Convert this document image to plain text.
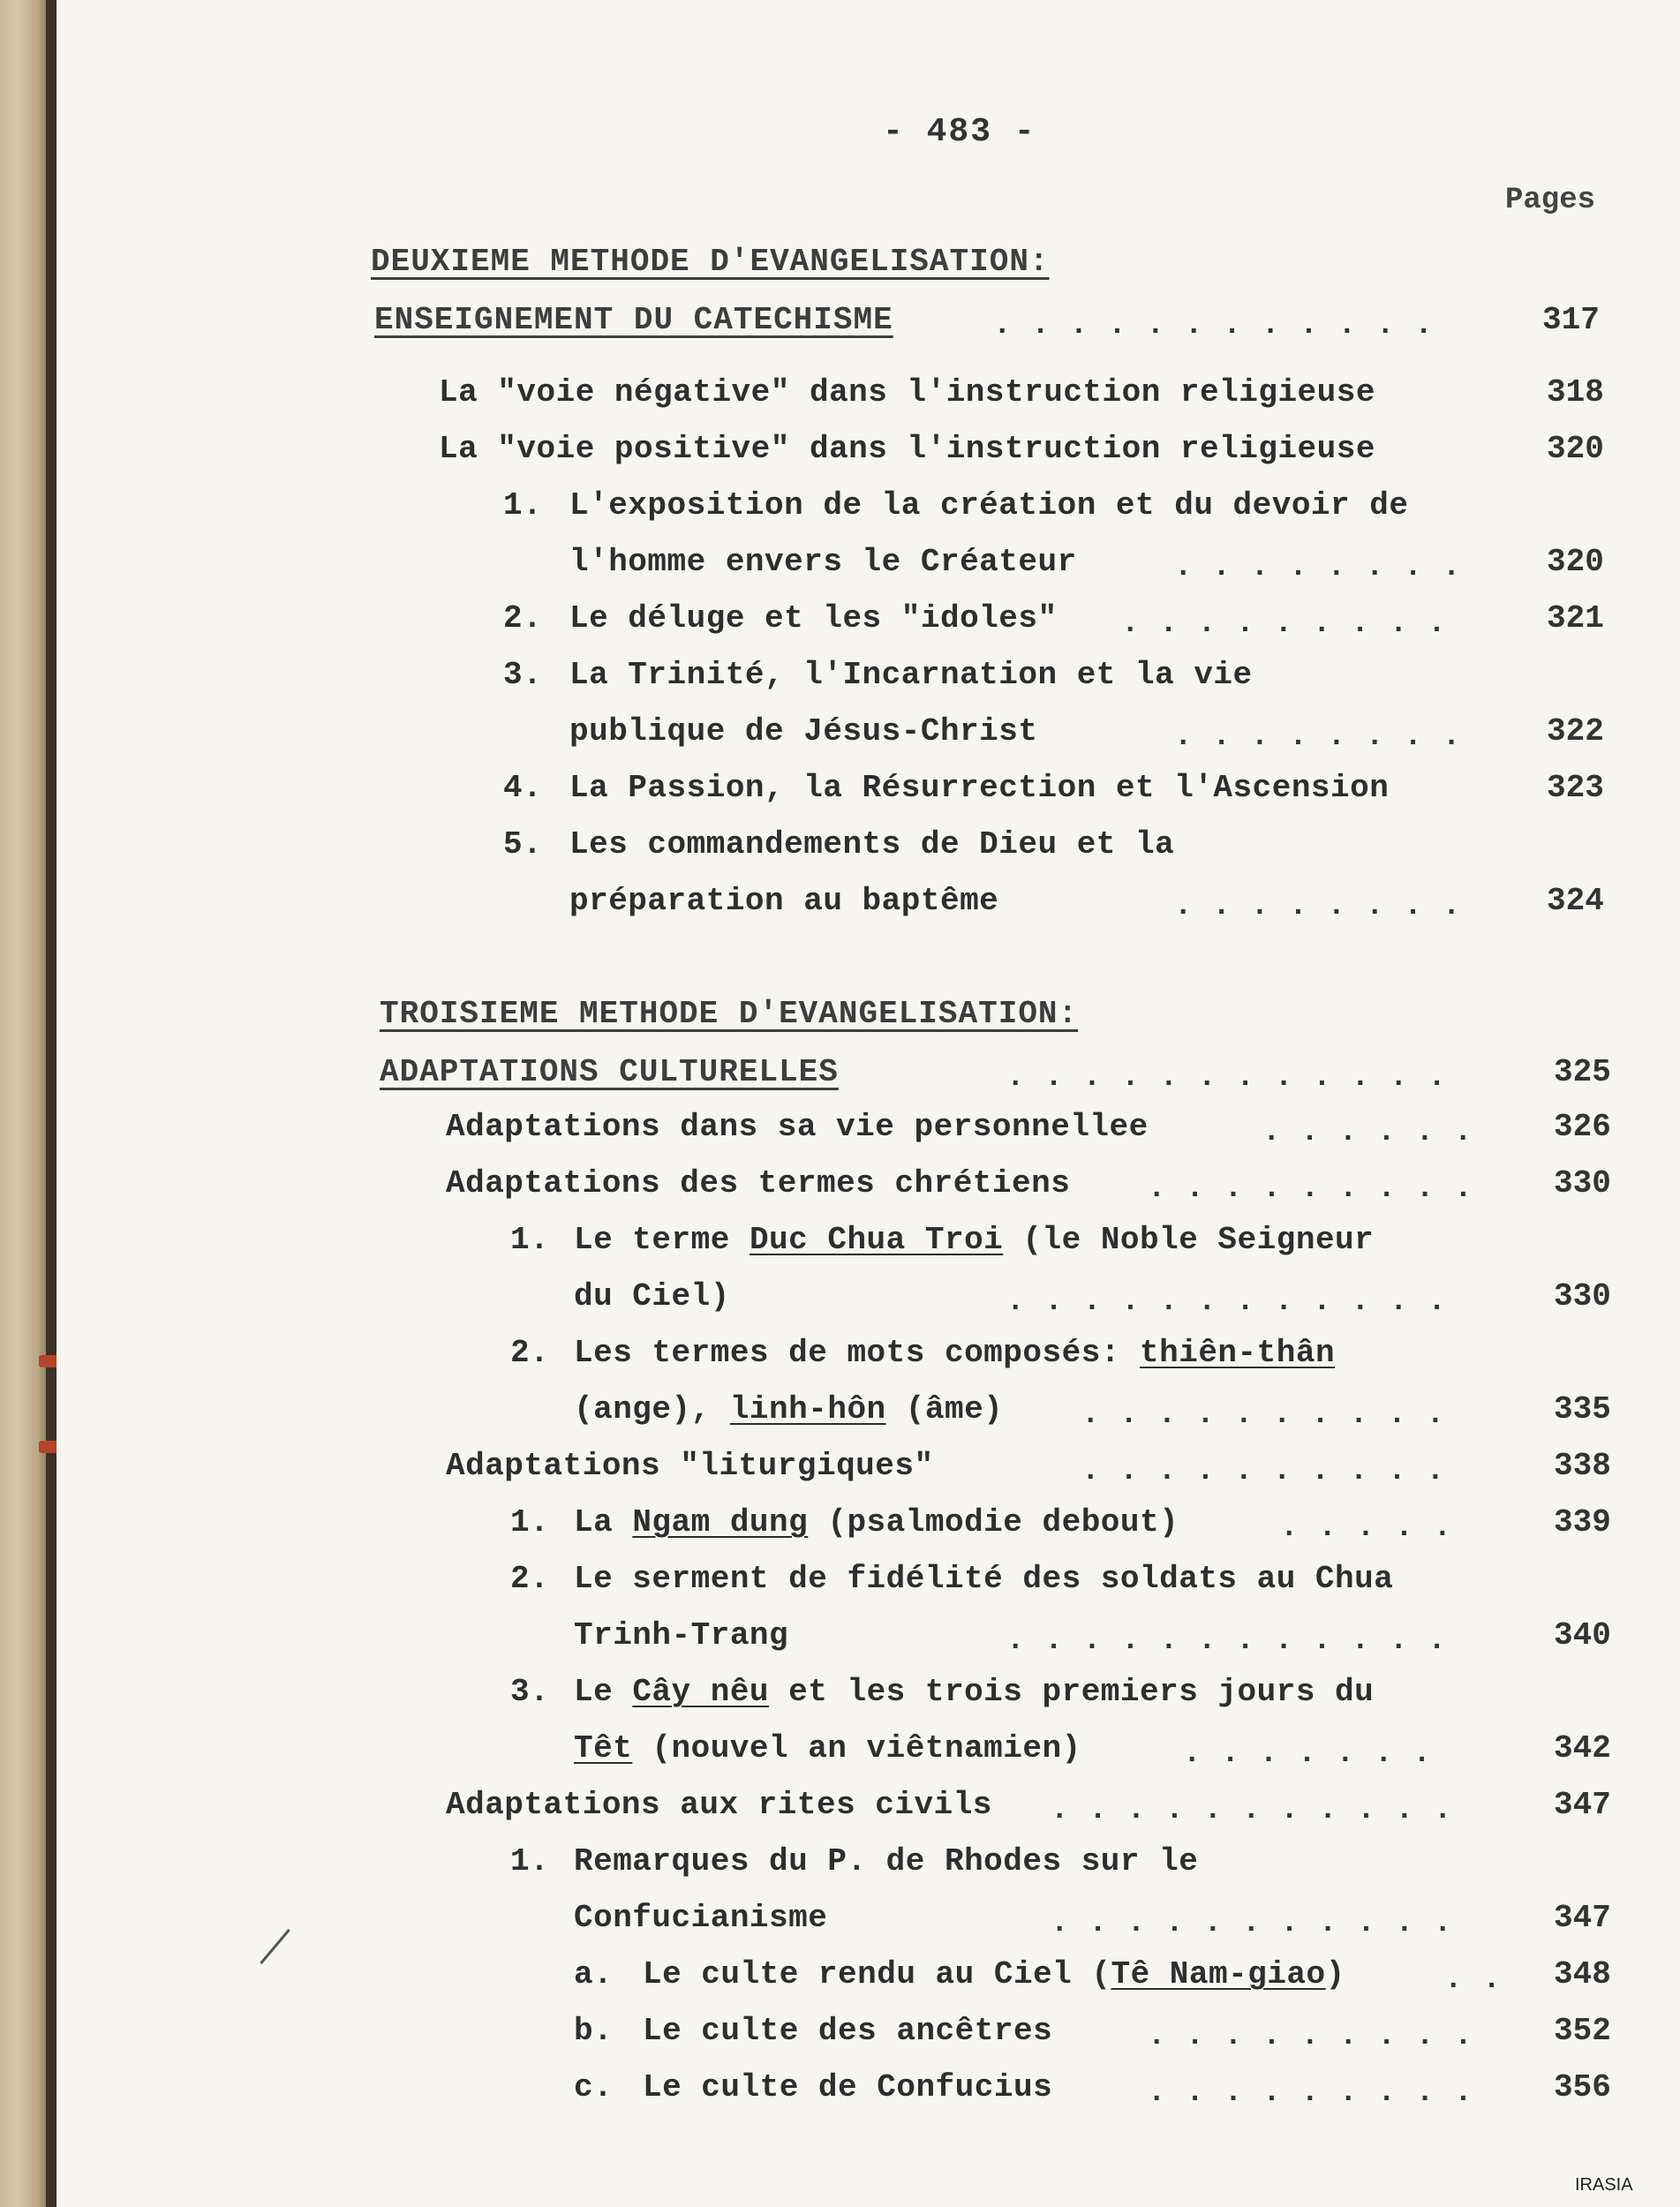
- 483 -
Pages
DEUXIEME METHODE D'EVANGELISATION:
ENSEIGNEMENT DU CATECHISME	............	317
La "voie négative" dans l'instruction religieuse	318
La "voie positive" dans l'instruction religieuse	320
1. L'exposition de la création et du devoir de
l'homme envers le Créateur	........ 320
2. Le déluge et les "idoles" .........	321
3. La Trinité, l'Incarnation et la vie
publique de Jésus-Christ	........ 322
4. La Passion, la Résurrection et l'Ascension	323
5. Les commandements de Dieu et la
préparation au baptême	........ 324
TROISIEME METHODE D'EVANGELISATION:
ADAPTATIONS CULTURELLES	............	325
Adaptations dans sa vie personnellee	...... 326
Adaptations des termes chrétiens	......... 330
1. Le terme Duc Chua Troi (le Noble Seigneur
du Ciel)	............	330
2. Les termes de mots composés: thiên-thân
(ange), linh-hôn (âme)	..........	335
Adaptations "liturgiques"	..........	338
1. La Ngam dung (psalmodie debout)	.....	339
2. Le serment de fidélité des soldats au Chua
Trinh-Trang	............	340
3. Le Cây nêu et les trois premiers jours du
Têt (nouvel an viêtnamien)	.......	342
Adaptations aux rites civils ...........	347
1. Remarques du P. de Rhodes sur le
Confucianisme	...........	347
a. Le culte rendu au Ciel (Tê Nam-giao)	.. 348
b. Le culte des ancêtres	......... 352
c. Le culte de Confucius	......... 356
IRASIA
